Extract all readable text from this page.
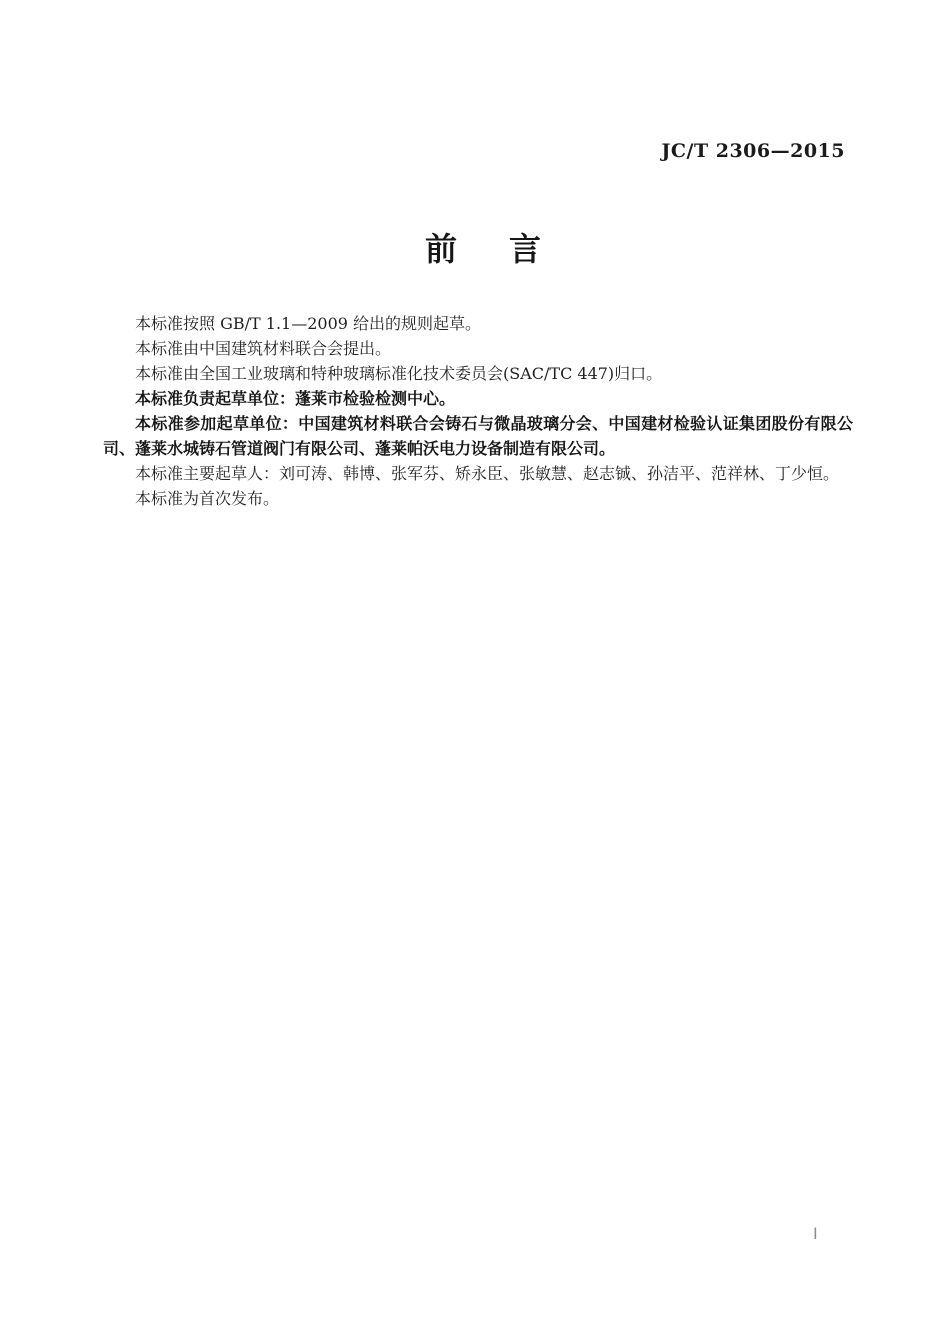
JC/T 2306—2015
前　言

本标准按照 GB/T 1.1—2009 给出的规则起草。

本标准由中国建筑材料联合会提出。

本标准由全国工业玻璃和特种玻璃标准化技术委员会(SAC/TC 447)归口。

本标准负责起草单位：蓬莱市检验检测中心。

本标准参加起草单位：中国建筑材料联合会铸石与微晶玻璃分会、中国建材检验认证集团股份有限公司、蓬莱水城铸石管道阀门有限公司、蓬莱帕沃电力设备制造有限公司。

本标准主要起草人：刘可涛、韩博、张军芬、矫永臣、张敏慧、赵志铖、孙洁平、范祥林、丁少恒。

本标准为首次发布。

I
